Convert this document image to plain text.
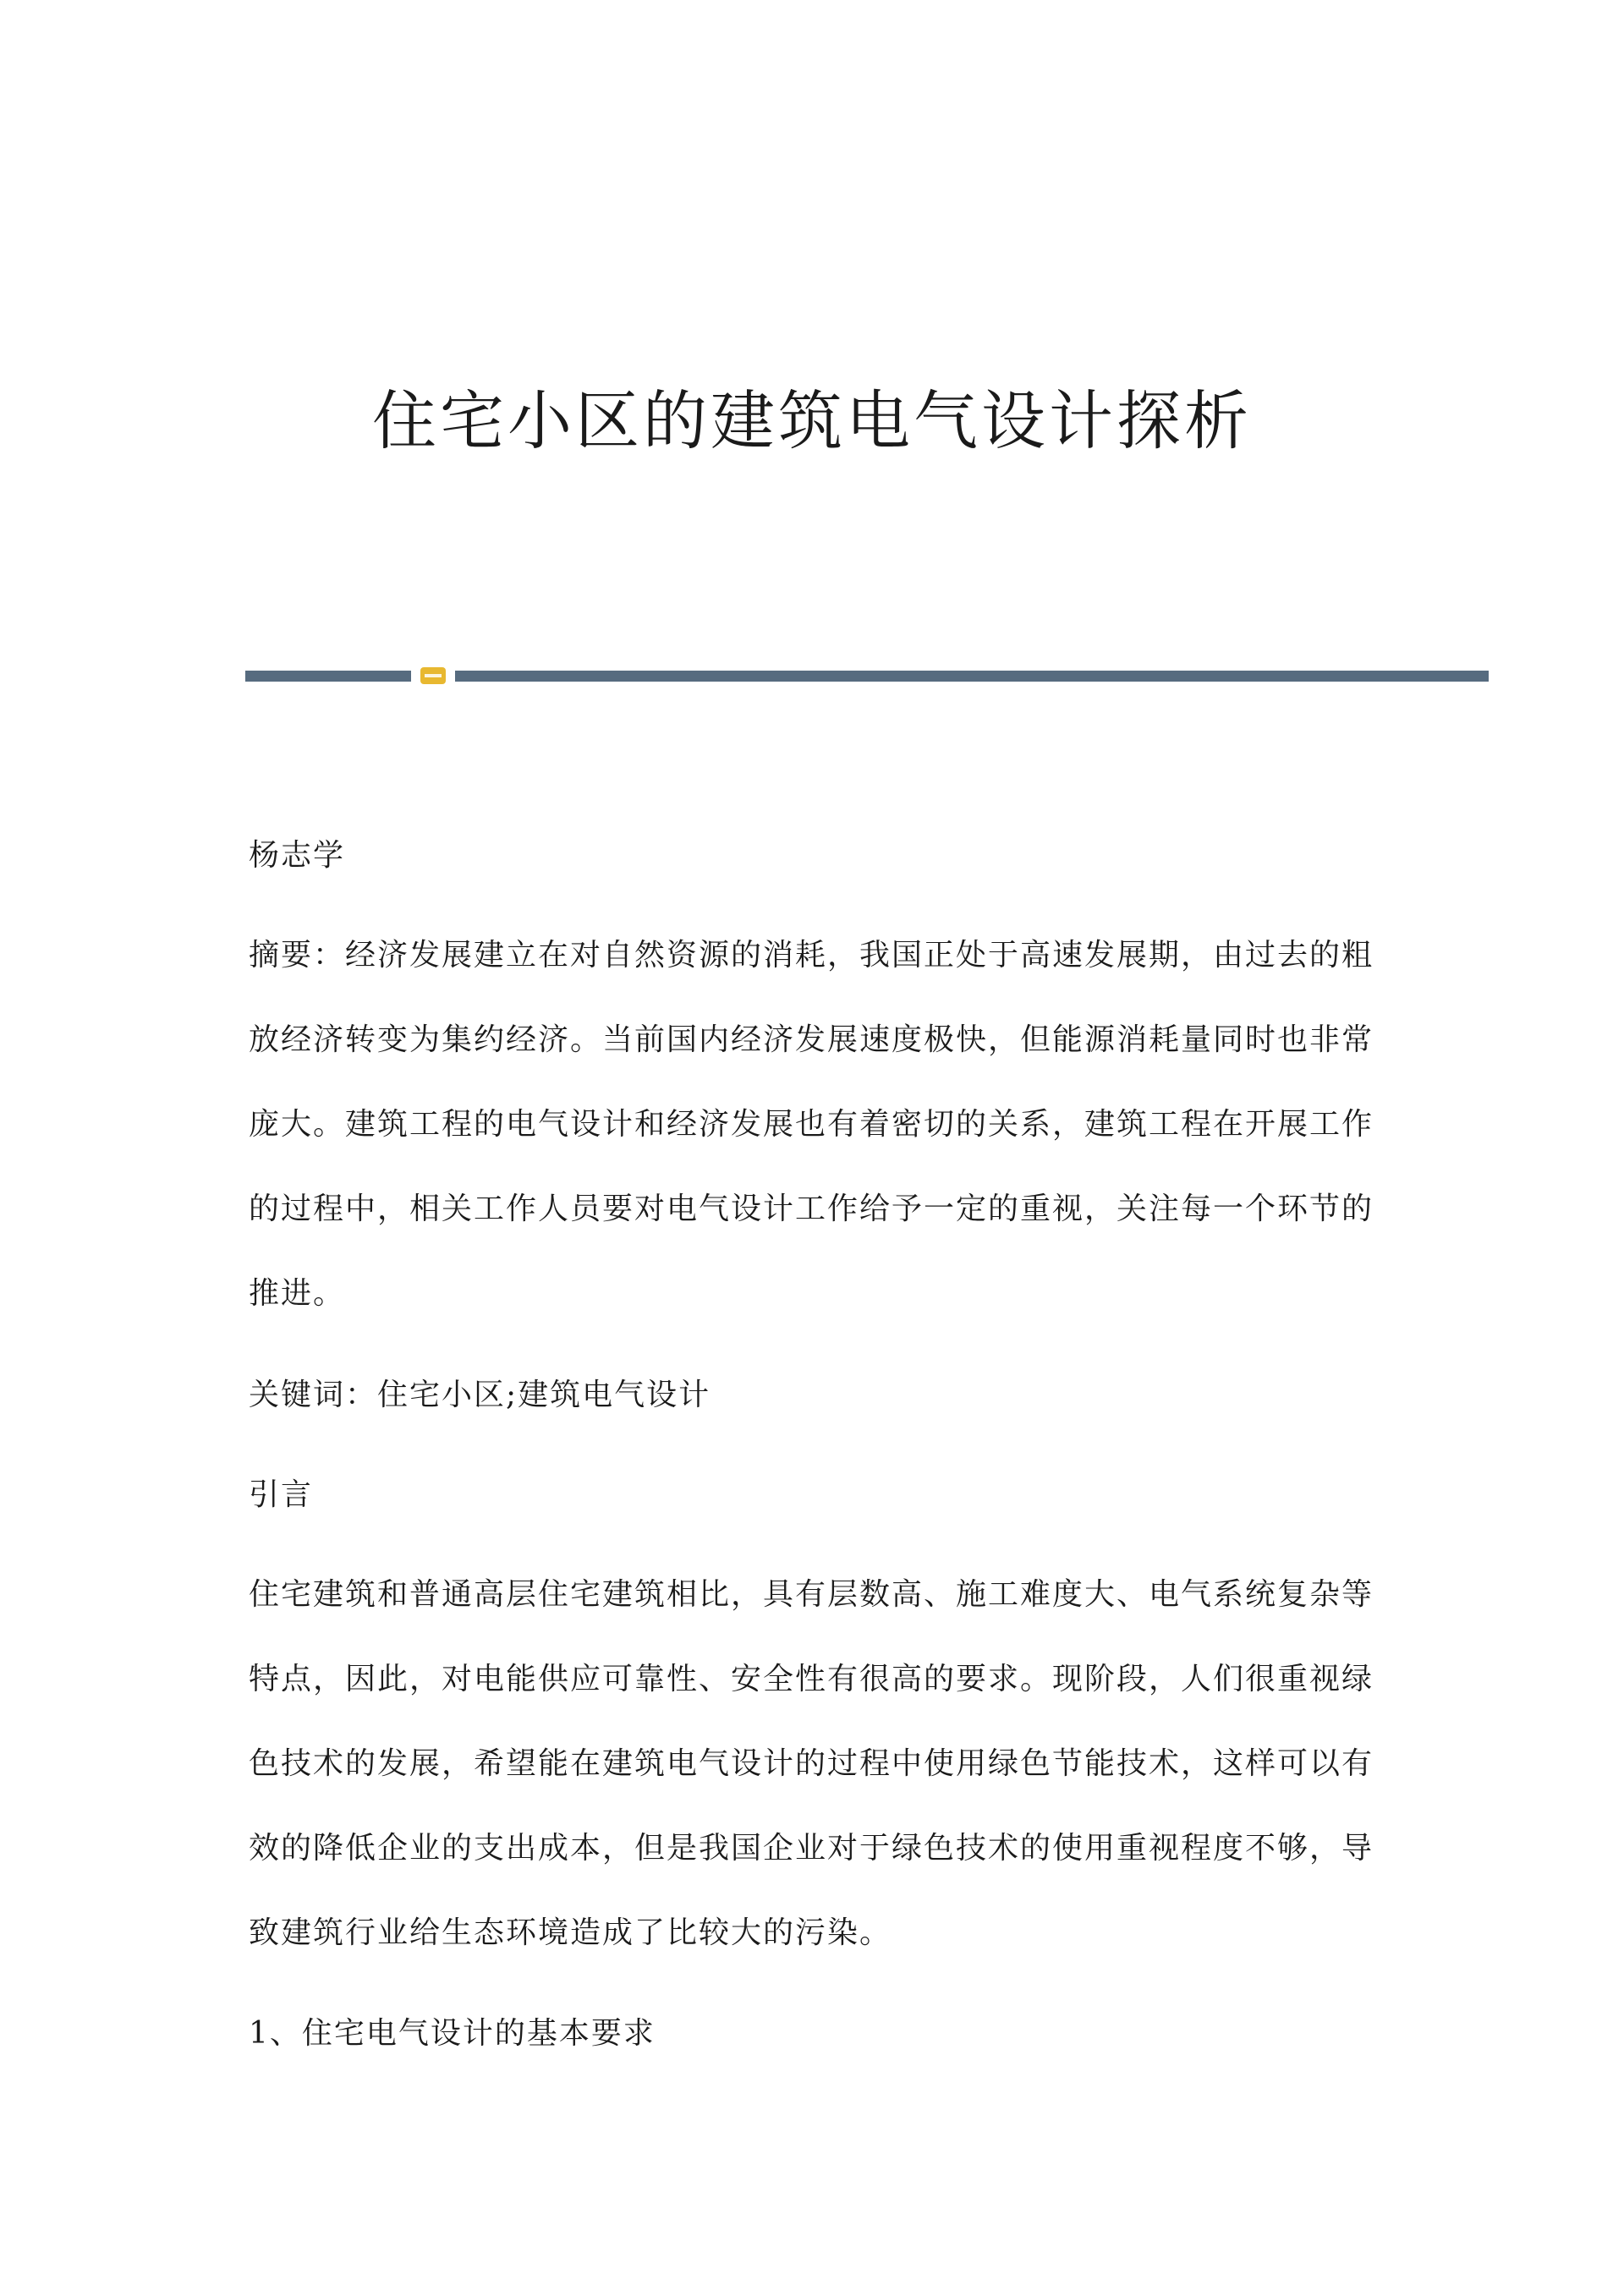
住宅小区的建筑电气设计探析

杨志学

摘要：经济发展建立在对自然资源的消耗，我国正处于高速发展期，由过去的粗放经济转变为集约经济。当前国内经济发展速度极快，但能源消耗量同时也非常庞大。建筑工程的电气设计和经济发展也有着密切的关系，建筑工程在开展工作的过程中，相关工作人员要对电气设计工作给予一定的重视，关注每一个环节的推进。

关键词：住宅小区;建筑电气设计

引言

住宅建筑和普通高层住宅建筑相比，具有层数高、施工难度大、电气系统复杂等特点，因此，对电能供应可靠性、安全性有很高的要求。现阶段，人们很重视绿色技术的发展，希望能在建筑电气设计的过程中使用绿色节能技术，这样可以有效的降低企业的支出成本，但是我国企业对于绿色技术的使用重视程度不够，导致建筑行业给生态环境造成了比较大的污染。

1、住宅电气设计的基本要求
